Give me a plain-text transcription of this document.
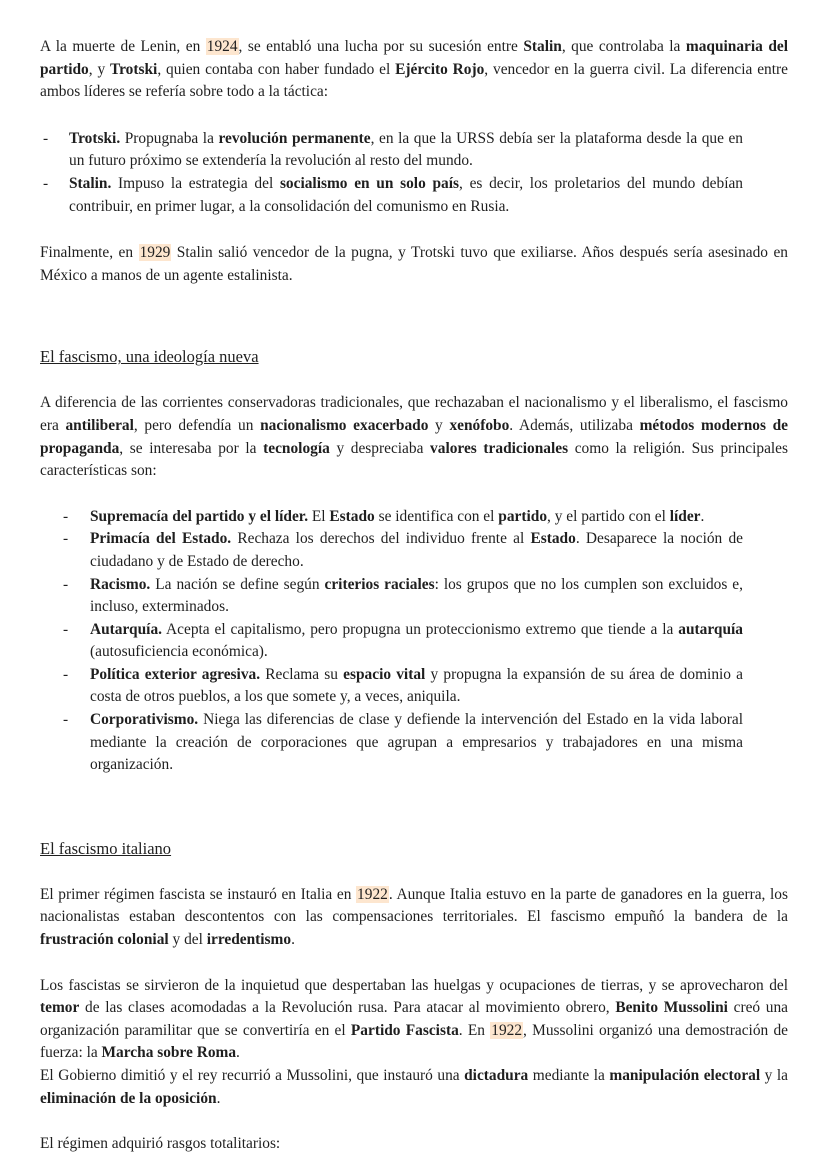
A la muerte de Lenin, en 1924, se entabló una lucha por su sucesión entre Stalin, que controlaba la maquinaria del partido, y Trotski, quien contaba con haber fundado el Ejército Rojo, vencedor en la guerra civil. La diferencia entre ambos líderes se refería sobre todo a la táctica:

- Trotski. Propugnaba la revolución permanente, en la que la URSS debía ser la plataforma desde la que en un futuro próximo se extendería la revolución al resto del mundo.
- Stalin. Impuso la estrategia del socialismo en un solo país, es decir, los proletarios del mundo debían contribuir, en primer lugar, a la consolidación del comunismo en Rusia.

Finalmente, en 1929 Stalin salió vencedor de la pugna, y Trotski tuvo que exiliarse. Años después sería asesinado en México a manos de un agente estalinista.

El fascismo, una ideología nueva

A diferencia de las corrientes conservadoras tradicionales, que rechazaban el nacionalismo y el liberalismo, el fascismo era antiliberal, pero defendía un nacionalismo exacerbado y xenófobo. Además, utilizaba métodos modernos de propaganda, se interesaba por la tecnología y despreciaba valores tradicionales como la religión. Sus principales características son:

- Supremacía del partido y el líder. El Estado se identifica con el partido, y el partido con el líder.
- Primacía del Estado. Rechaza los derechos del individuo frente al Estado. Desaparece la noción de ciudadano y de Estado de derecho.
- Racismo. La nación se define según criterios raciales: los grupos que no los cumplen son excluidos e, incluso, exterminados.
- Autarquía. Acepta el capitalismo, pero propugna un proteccionismo extremo que tiende a la autarquía (autosuficiencia económica).
- Política exterior agresiva. Reclama su espacio vital y propugna la expansión de su área de dominio a costa de otros pueblos, a los que somete y, a veces, aniquila.
- Corporativismo. Niega las diferencias de clase y defiende la intervención del Estado en la vida laboral mediante la creación de corporaciones que agrupan a empresarios y trabajadores en una misma organización.
El fascismo italiano

El primer régimen fascista se instauró en Italia en 1922. Aunque Italia estuvo en la parte de ganadores en la guerra, los nacionalistas estaban descontentos con las compensaciones territoriales. El fascismo empuñó la bandera de la frustración colonial y del irredentismo.

Los fascistas se sirvieron de la inquietud que despertaban las huelgas y ocupaciones de tierras, y se aprovecharon del temor de las clases acomodadas a la Revolución rusa. Para atacar al movimiento obrero, Benito Mussolini creó una organización paramilitar que se convertiría en el Partido Fascista. En 1922, Mussolini organizó una demostración de fuerza: la Marcha sobre Roma.

El Gobierno dimitió y el rey recurrió a Mussolini, que instauró una dictadura mediante la manipulación electoral y la eliminación de la oposición.

El régimen adquirió rasgos totalitarios:
